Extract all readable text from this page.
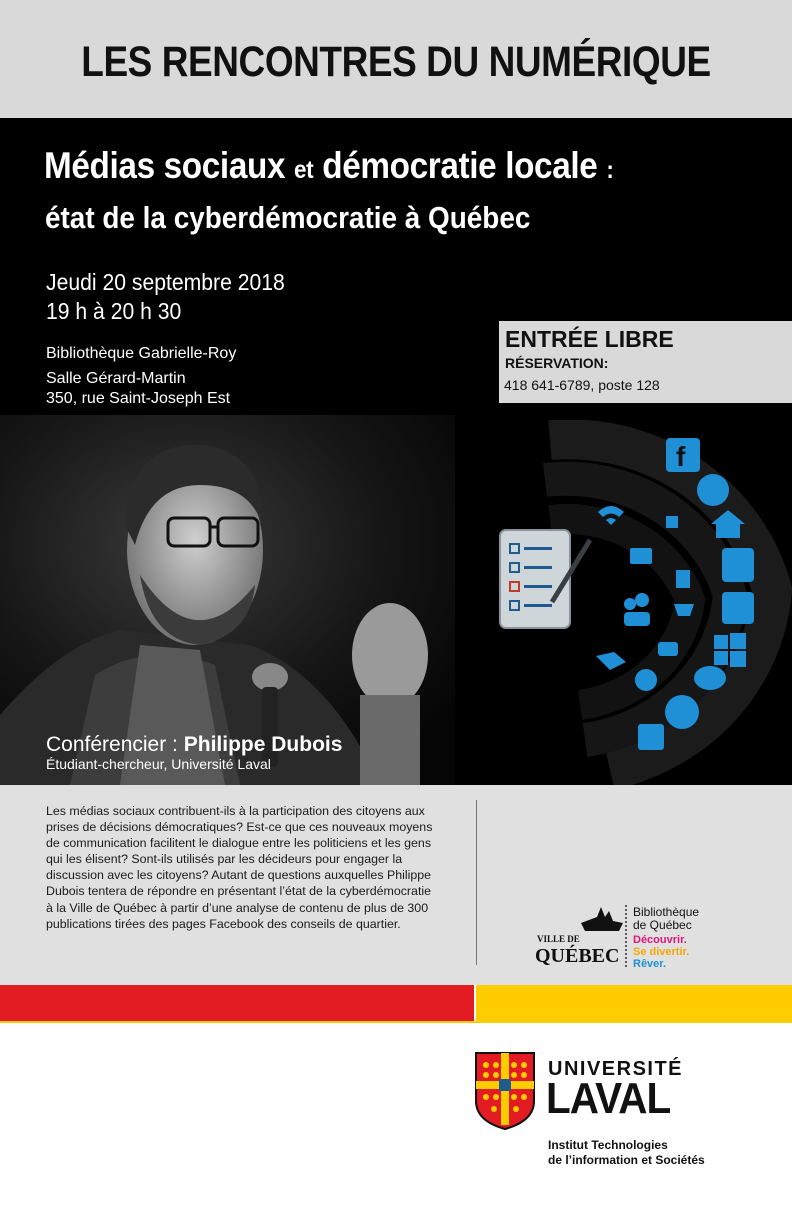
LES RENCONTRES DU NUMÉRIQUE
Médias sociaux et démocratie locale :
état de la cyberdémocratie à Québec
Jeudi 20 septembre 2018
19 h à 20 h 30
Bibliothèque Gabrielle-Roy
Salle Gérard-Martin
350, rue Saint-Joseph Est
ENTRÉE LIBRE
RÉSERVATION:
418 641-6789, poste 128
Conférencier : Philippe Dubois
Étudiant-chercheur, Université Laval
f
Les médias sociaux contribuent-ils à la participation des citoyens aux prises de décisions démocratiques? Est-ce que ces nouveaux moyens de communication facilitent le dialogue entre les politiciens et les gens qui les élisent? Sont-ils utilisés par les décideurs pour engager la discussion avec les citoyens? Autant de questions auxquelles Philippe Dubois tentera de répondre en présentant l’état de la cyberdémocratie à la Ville de Québec à partir d’une analyse de contenu de plus de 300 publications tirées des pages Facebook des conseils de quartier.
VILLE DE
QUÉBEC
Bibliothèque
de Québec
Découvrir.
Se divertir.
Rêver.
UNIVERSITÉ
LAVAL
Institut Technologies
de l’information et Sociétés
